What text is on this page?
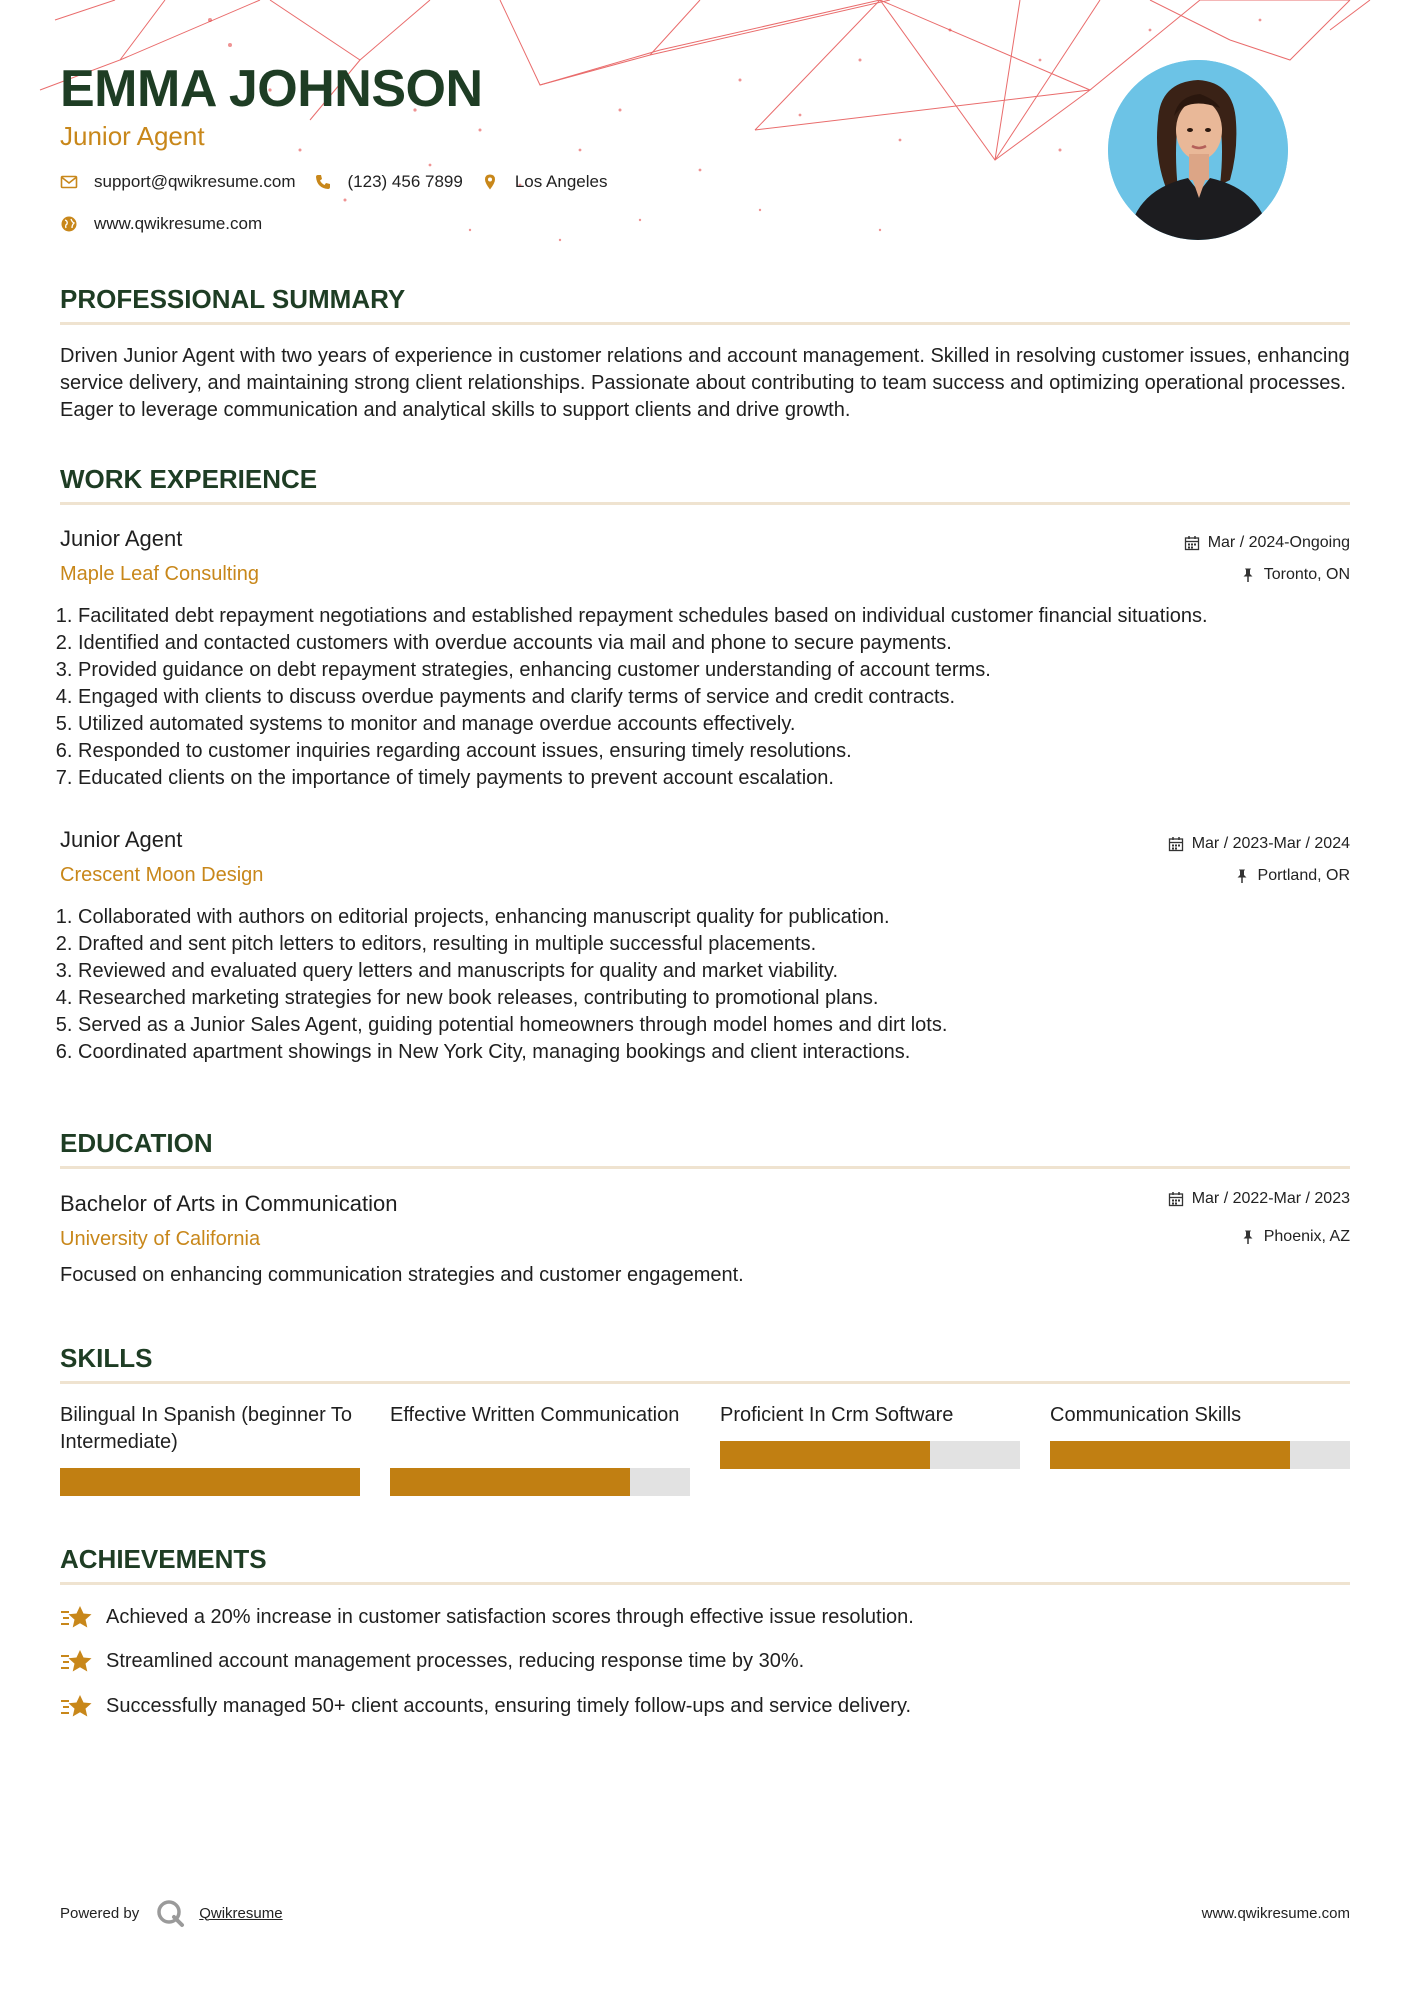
EMMA JOHNSON
Junior Agent
support@qwikresume.com	(123) 456 7899	Los Angeles
www.qwikresume.com
PROFESSIONAL SUMMARY

Driven Junior Agent with two years of experience in customer relations and account management. Skilled in resolving customer issues, enhancing service delivery, and maintaining strong client relationships. Passionate about contributing to team success and optimizing operational processes. Eager to leverage communication and analytical skills to support clients and drive growth.

WORK EXPERIENCE
Junior Agent
Maple Leaf Consulting
Mar / 2024-Ongoing
Toronto, ON
1. Facilitated debt repayment negotiations and established repayment schedules based on individual customer financial situations.
2. Identified and contacted customers with overdue accounts via mail and phone to secure payments.
3. Provided guidance on debt repayment strategies, enhancing customer understanding of account terms.
4. Engaged with clients to discuss overdue payments and clarify terms of service and credit contracts.
5. Utilized automated systems to monitor and manage overdue accounts effectively.
6. Responded to customer inquiries regarding account issues, ensuring timely resolutions.
7. Educated clients on the importance of timely payments to prevent account escalation.
Junior Agent
Crescent Moon Design
Mar / 2023-Mar / 2024
Portland, OR
1. Collaborated with authors on editorial projects, enhancing manuscript quality for publication.
2. Drafted and sent pitch letters to editors, resulting in multiple successful placements.
3. Reviewed and evaluated query letters and manuscripts for quality and market viability.
4. Researched marketing strategies for new book releases, contributing to promotional plans.
5. Served as a Junior Sales Agent, guiding potential homeowners through model homes and dirt lots.
6. Coordinated apartment showings in New York City, managing bookings and client interactions.
EDUCATION
Bachelor of Arts in Communication
University of California
Mar / 2022-Mar / 2023
Phoenix, AZ

Focused on enhancing communication strategies and customer engagement.

SKILLS
Bilingual In Spanish (beginner To Intermediate)
Effective Written Communication	Proficient In Crm Software	Communication Skills
ACHIEVEMENTS
Achieved a 20% increase in customer satisfaction scores through effective issue resolution.
Streamlined account management processes, reducing response time by 30%.
Successfully managed 50+ client accounts, ensuring timely follow-ups and service delivery.
Powered by	Qwikresume	www.qwikresume.com
